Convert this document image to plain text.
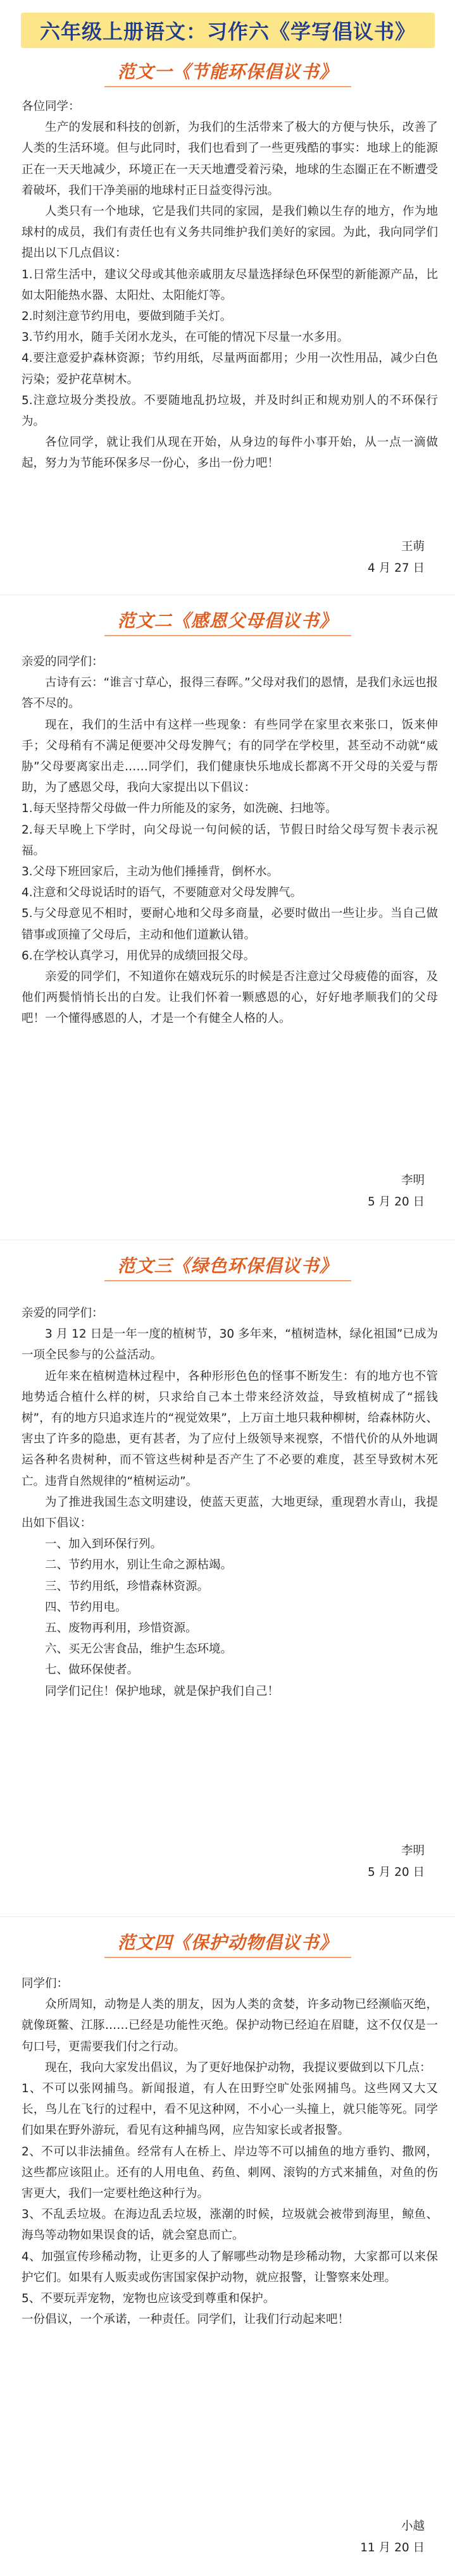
六年级上册语文：习作六《学写倡议书》
范文一《节能环保倡议书》
各位同学：
生产的发展和科技的创新，为我们的生活带来了极大的方便与快乐，改善了人类的生活环境。但与此同时，我们也看到了一些更残酷的事实：地球上的能源正在一天天地减少，环境正在一天天地遭受着污染，地球的生态圈正在不断遭受着破坏，我们干净美丽的地球村正日益变得污浊。
人类只有一个地球，它是我们共同的家园，是我们赖以生存的地方，作为地球村的成员，我们有责任也有义务共同维护我们美好的家园。为此，我向同学们提出以下几点倡议：
1.日常生活中，建议父母或其他亲戚朋友尽量选择绿色环保型的新能源产品，比如太阳能热水器、太阳灶、太阳能灯等。
2.时刻注意节约用电，要做到随手关灯。
3.节约用水，随手关闭水龙头，在可能的情况下尽量一水多用。
4.要注意爱护森林资源；节约用纸，尽量两面都用；少用一次性用品，减少白色污染；爱护花草树木。
5.注意垃圾分类投放。不要随地乱扔垃圾，并及时纠正和规劝别人的不环保行为。
各位同学，就让我们从现在开始，从身边的每件小事开始，从一点一滴做起，努力为节能环保多尽一份心，多出一份力吧！
王萌
4 月 27 日
范文二《感恩父母倡议书》
亲爱的同学们：
古诗有云：“谁言寸草心，报得三春晖。”父母对我们的恩情，是我们永远也报答不尽的。
现在，我们的生活中有这样一些现象：有些同学在家里衣来张口，饭来伸手；父母稍有不满足便要冲父母发脾气；有的同学在学校里，甚至动不动就“威胁”父母要离家出走……同学们，我们健康快乐地成长都离不开父母的关爱与帮助，为了感恩父母，我向大家提出以下倡议：
1.每天坚持帮父母做一件力所能及的家务，如洗碗、扫地等。
2.每天早晚上下学时，向父母说一句问候的话，节假日时给父母写贺卡表示祝福。
3.父母下班回家后，主动为他们捶捶背，倒杯水。
4.注意和父母说话时的语气，不要随意对父母发脾气。
5.与父母意见不相时，要耐心地和父母多商量，必要时做出一些让步。当自己做错事或顶撞了父母后，主动和他们道歉认错。
6.在学校认真学习，用优异的成绩回报父母。
亲爱的同学们，不知道你在嬉戏玩乐的时候是否注意过父母疲倦的面容，及他们两鬓悄悄长出的白发。让我们怀着一颗感恩的心，好好地孝顺我们的父母吧！一个懂得感恩的人，才是一个有健全人格的人。
李明
5 月 20 日
范文三《绿色环保倡议书》
亲爱的同学们：
3 月 12 日是一年一度的植树节，30 多年来，“植树造林，绿化祖国”已成为一项全民参与的公益活动。
近年来在植树造林过程中，各种形形色色的怪事不断发生：有的地方也不管地势适合植什么样的树，只求给自己本土带来经济效益，导致植树成了“摇钱树”，有的地方只追求连片的“视觉效果”，上万亩土地只栽种柳树，给森林防火、害虫了许多的隐患，更有甚者，为了应付上级领导来视察，不惜代价的从外地调运各种名贵树种，而不管这些树种是否产生了不必要的难度，甚至导致树木死亡。违背自然规律的“植树运动”。
为了推进我国生态文明建设，使蓝天更蓝，大地更绿，重现碧水青山，我提出如下倡议：
一、加入到环保行列。
二、节约用水，别让生命之源枯竭。
三、节约用纸，珍惜森林资源。
四、节约用电。
五、废物再利用，珍惜资源。
六、买无公害食品，维护生态环境。
七、做环保使者。
同学们记住！保护地球，就是保护我们自己！
李明
5 月 20 日
范文四《保护动物倡议书》
同学们：
众所周知，动物是人类的朋友，因为人类的贪婪，许多动物已经濒临灭绝，就像斑鳖、江豚……已经是功能性灭绝。保护动物已经迫在眉睫，这不仅仅是一句口号，更需要我们付之行动。
现在，我向大家发出倡议，为了更好地保护动物，我提议要做到以下几点：
1、不可以张网捕鸟。新闻报道，有人在田野空旷处张网捕鸟。这些网又大又长，鸟儿在飞行的过程中，看不见这种网，不小心一头撞上，就只能等死。同学们如果在野外游玩，看见有这种捕鸟网，应告知家长或者报警。
2、不可以非法捕鱼。经常有人在桥上、岸边等不可以捕鱼的地方垂钓、撒网，这些都应该阻止。还有的人用电鱼、药鱼、刺网、滚钩的方式来捕鱼，对鱼的伤害更大，我们一定要杜绝这种行为。
3、不乱丢垃圾。在海边乱丢垃圾，涨潮的时候，垃圾就会被带到海里，鲸鱼、海鸟等动物如果误食的话，就会窒息而亡。
4、加强宣传珍稀动物，让更多的人了解哪些动物是珍稀动物，大家都可以来保护它们。如果有人贩卖或伤害国家保护动物，就应报警，让警察来处理。
5、不要玩弄宠物，宠物也应该受到尊重和保护。
一份倡议，一个承诺，一种责任。同学们，让我们行动起来吧！
小越
11 月 20 日
